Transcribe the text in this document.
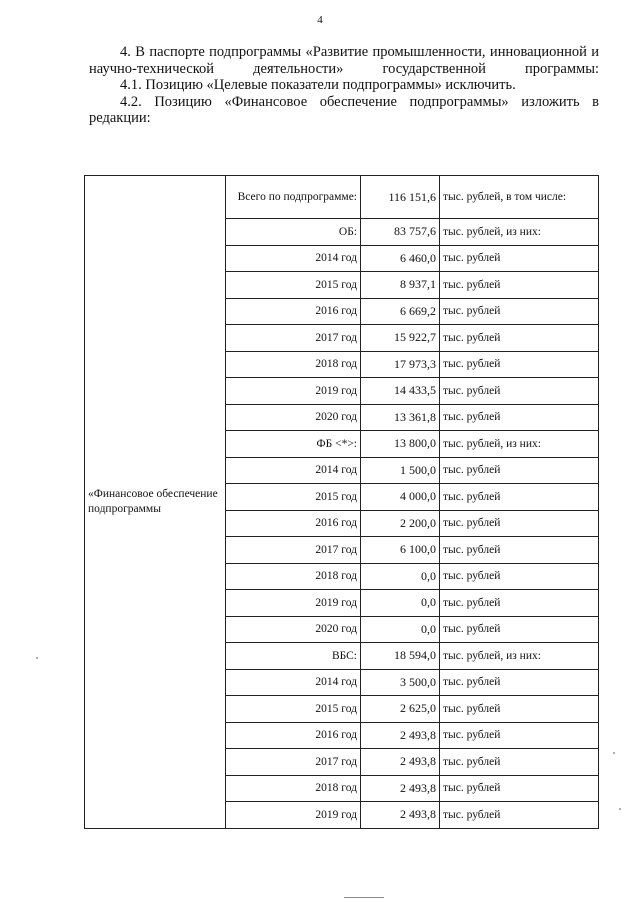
4

4. В паспорте подпрограммы «Развитие промышленности, инновационной и научно-технической деятельности» государственной программы:

4.1. Позицию «Целевые показатели подпрограммы» исключить.

4.2. Позицию «Финансовое обеспечение подпрограммы» изложить в редакции:

«Финансовое обеспечение подпрограммы	Всего по подпрограмме:	116 151,6	тыс. рублей, в том числе:
	ОБ:	83 757,6	тыс. рублей, из них:
	2014 год	6 460,0	тыс. рублей
	2015 год	8 937,1	тыс. рублей
	2016 год	6 669,2	тыс. рублей
	2017 год	15 922,7	тыс. рублей
	2018 год	17 973,3	тыс. рублей
	2019 год	14 433,5	тыс. рублей
	2020 год	13 361,8	тыс. рублей
	ФБ <*>:	13 800,0	тыс. рублей, из них:
	2014 год	1 500,0	тыс. рублей
	2015 год	4 000,0	тыс. рублей
	2016 год	2 200,0	тыс. рублей
	2017 год	6 100,0	тыс. рублей
	2018 год	0,0	тыс. рублей
	2019 год	0,0	тыс. рублей
	2020 год	0,0	тыс. рублей
	ВБС:	18 594,0	тыс. рублей, из них:
	2014 год	3 500,0	тыс. рублей
	2015 год	2 625,0	тыс. рублей
	2016 год	2 493,8	тыс. рублей
	2017 год	2 493,8	тыс. рублей
	2018 год	2 493,8	тыс. рублей
	2019 год	2 493,8	тыс. рублей
